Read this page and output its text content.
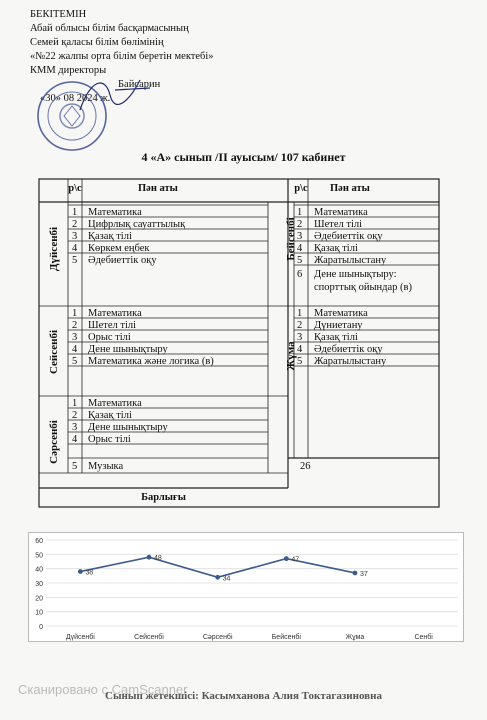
БЕКІТЕМІН
Абай облысы білім басқармасының
Семей қаласы білім бөлімінің
«№22 жалпы орта білім беретін мектебі»
КММ директоры
Байсарин
«30» 08 2024 ж.
4 «А» сынып /ІІ ауысым/ 107 кабинет
р\с	Пән аты	р\с Пән аты
Дүйсенбі
1 Математика
2 Цифрлық сауаттылық
3 Қазақ тілі
4 Көркем еңбек
5 Әдебиеттік оқу
Сейсенбі
1 Математика
2 Шетел тілі
3 Орыс тілі
4 Дене шынықтыру
5 Математика және логика (в)
Сәрсенбі
1 Математика
2 Қазақ тілі
3 Дене шынықтыру
4 Орыс тілі
5 Музыка
Бейсенбі
1 Математика
2 Шетел тілі
3 Әдебиеттік оқу
4 Қазақ тілі
5 Жаратылыстану
6 Дене шынықтыру:
спорттық ойындар (в)
Жұма
1 Математика
2 Дүниетану
3 Қазақ тілі
4 Әдебиеттік оқу
5 Жаратылыстану
26
Барлығы
0
10
20
30
40
50
60
38
48
34
47
37
Дүйсенбі	Сейсенбі	Сәрсенбі	Бейсенбі	Жұма	Сенбі
Сканировано с CamScanner
Сынып жетекшісі: Касымханова Алия Токтагазиновна
